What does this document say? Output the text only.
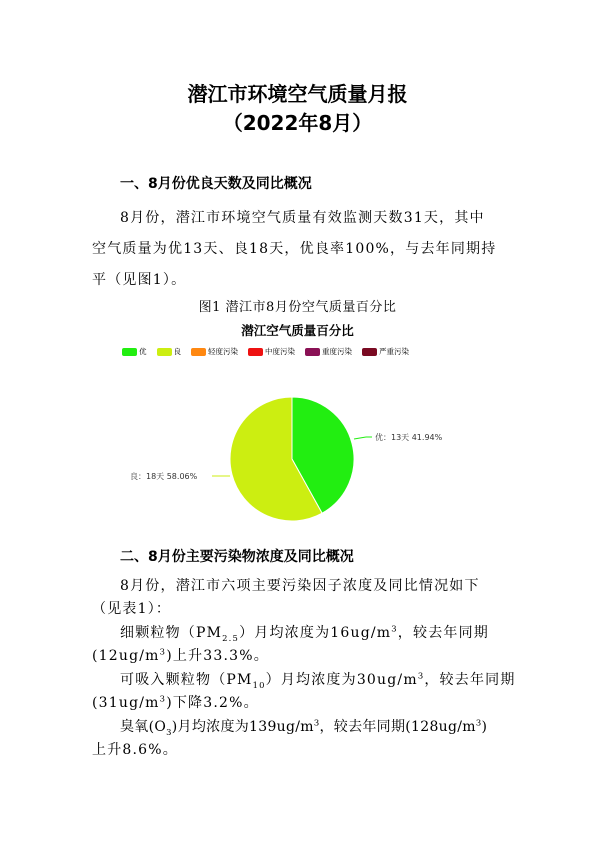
潜江市环境空气质量月报
（2022年8月）
一、8月份优良天数及同比概况
8月份，潜江市环境空气质量有效监测天数31天，其中
空气质量为优13天、良18天，优良率100%，与去年同期持
平（见图1）。
图1 潜江市8月份空气质量百分比
潜江空气质量百分比
优	良	轻度污染	中度污染	重度污染	严重污染
优：13天 41.94%
良：18天 58.06%
二、8月份主要污染物浓度及同比概况
8月份，潜江市六项主要污染因子浓度及同比情况如下
（见表1）：
细颗粒物$(PM_{2.5})$月均浓度为$16ug/m^3$，较去年同期
$(12ug/m^3)$上升33.3%。
可吸入颗粒物$(PM_{10})$月均浓度为$30ug/m^3$，较去年同期
$(31ug/m^3)$下降3.2%。
臭氧$(O_3)$月均浓度为$139ug/m^3$，较去年同期$(128ug/m^3)$
上升8.6%。
